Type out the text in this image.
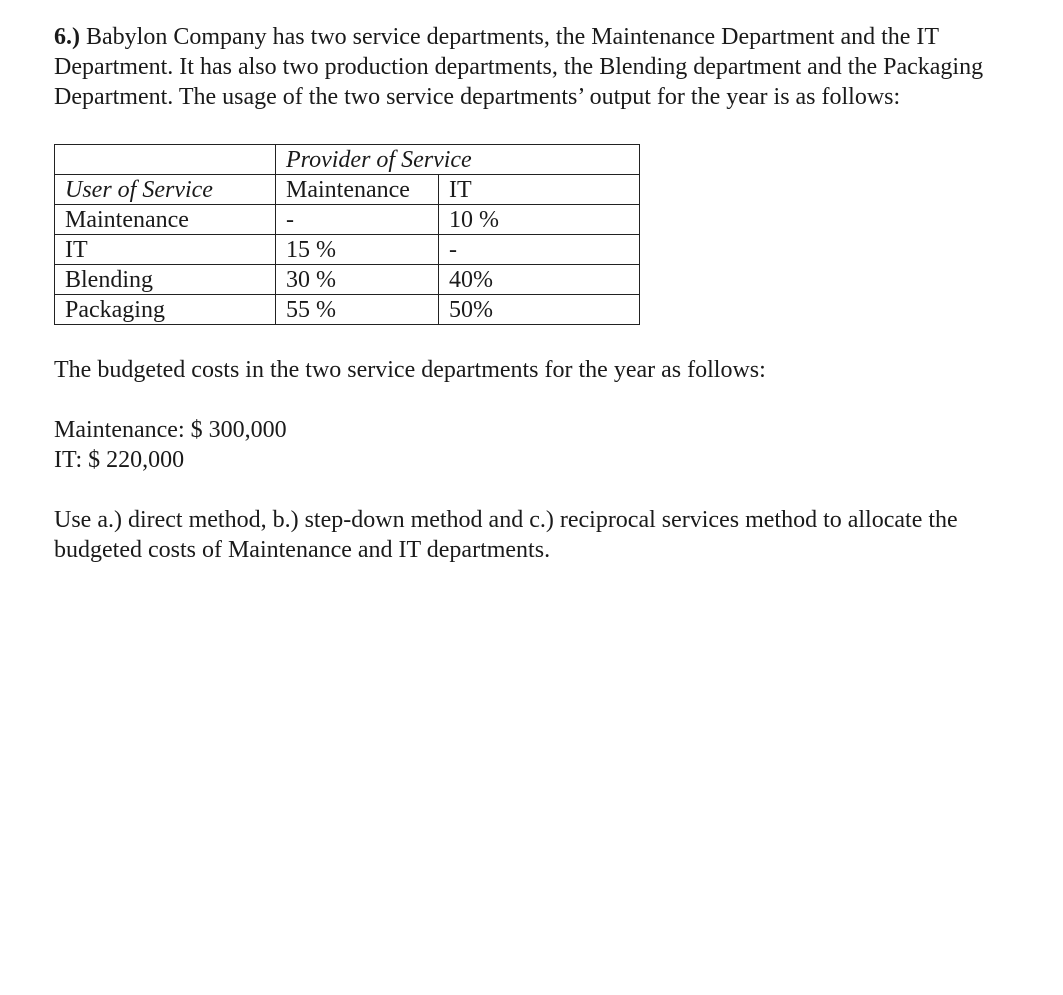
6.) Babylon Company has two service departments, the Maintenance Department and the IT Department. It has also two production departments, the Blending department and the Packaging Department. The usage of the two service departments’ output for the year is as follows:

	Provider of Service	
User of Service	Maintenance	IT
Maintenance	-	10 %
IT	15 %	-
Blending	30 %	40%
Packaging	55 %	50%

The budgeted costs in the two service departments for the year as follows:

Maintenance: $ 300,000

IT: $ 220,000

Use a.) direct method, b.) step-down method and c.) reciprocal services method to allocate the budgeted costs of Maintenance and IT departments.
